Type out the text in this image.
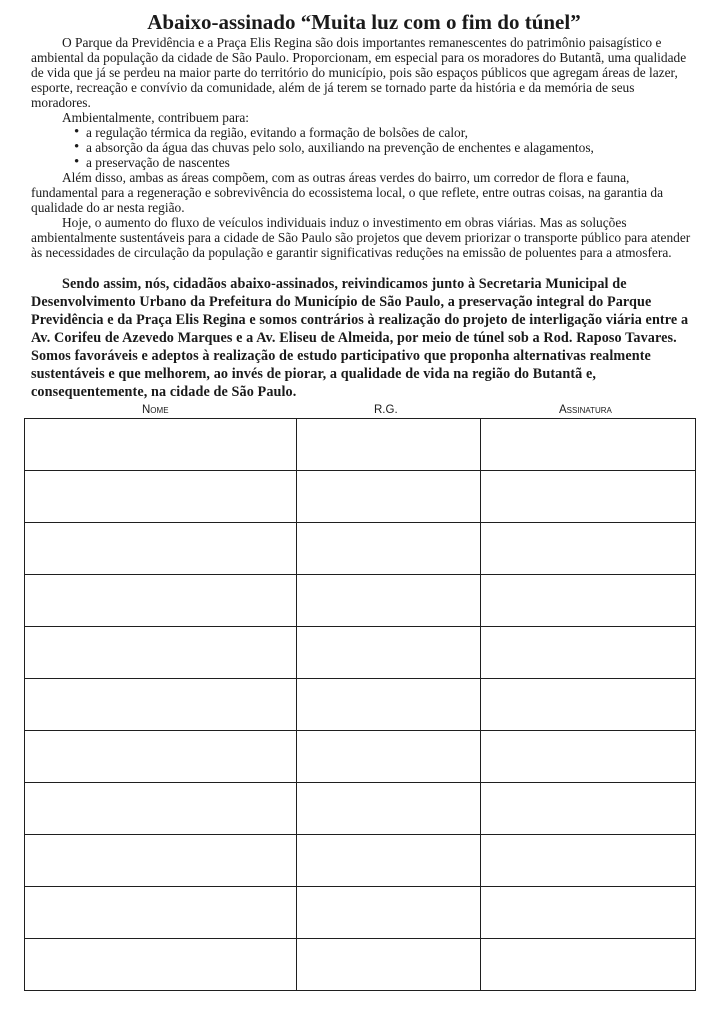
Abaixo-assinado “Muita luz com o fim do túnel”

O Parque da Previdência e a Praça Elis Regina são dois importantes remanescentes do patrimônio paisagístico e ambiental da população da cidade de São Paulo. Proporcionam, em especial para os moradores do Butantã, uma qualidade de vida que já se perdeu na maior parte do território do município, pois são espaços públicos que agregam áreas de lazer, esporte, recreação e convívio da comunidade, além de já terem se tornado parte da história e da memória de seus moradores.

Ambientalmente, contribuem para:

• a regulação térmica da região, evitando a formação de bolsões de calor,
• a absorção da água das chuvas pelo solo, auxiliando na prevenção de enchentes e alagamentos,
• a preservação de nascentes

Além disso, ambas as áreas compõem, com as outras áreas verdes do bairro, um corredor de flora e fauna, fundamental para a regeneração e sobrevivência do ecossistema local, o que reflete, entre outras coisas, na garantia da qualidade do ar nesta região.

Hoje, o aumento do fluxo de veículos individuais induz o investimento em obras viárias. Mas as soluções ambientalmente sustentáveis para a cidade de São Paulo são projetos que devem priorizar o transporte público para atender às necessidades de circulação da população e garantir significativas reduções na emissão de poluentes para a atmosfera.

Sendo assim, nós, cidadãos abaixo-assinados, reivindicamos junto à Secretaria Municipal de Desenvolvimento Urbano da Prefeitura do Município de São Paulo, a preservação integral do Parque Previdência e da Praça Elis Regina e somos contrários à realização do projeto de interligação viária entre a Av. Corifeu de Azevedo Marques e a Av. Eliseu de Almeida, por meio de túnel sob a Rod. Raposo Tavares. Somos favoráveis e adeptos à realização de estudo participativo que proponha alternativas realmente sustentáveis e que melhorem, ao invés de piorar, a qualidade de vida na região do Butantã e, consequentemente, na cidade de São Paulo.
Nome	R.G.	Assinatura
